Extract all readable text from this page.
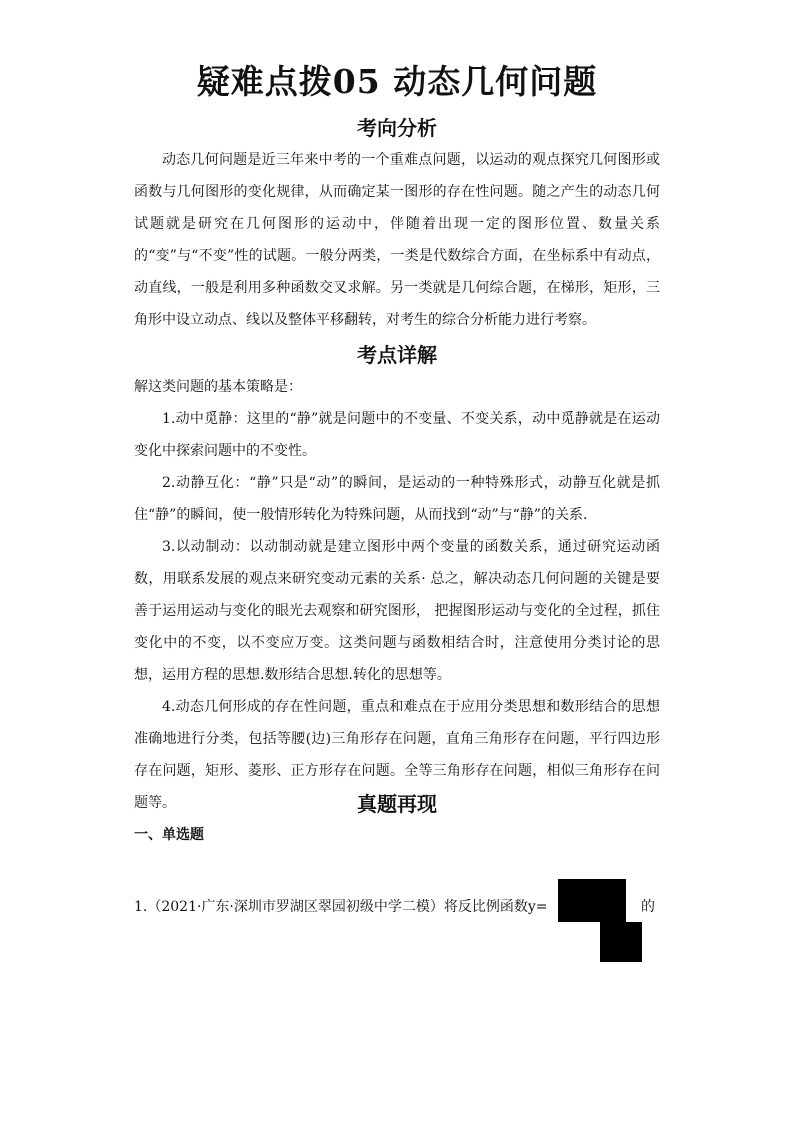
疑难点拨05 动态几何问题
考向分析
动态几何问题是近三年来中考的一个重难点问题，以运动的观点探究几何图形或函数与几何图形的变化规律，从而确定某一图形的存在性问题。随之产生的动态几何试题就是研究在几何图形的运动中，伴随着出现一定的图形位置、数量关系的“变”与“不变”性的试题。一般分两类，一类是代数综合方面，在坐标系中有动点，动直线，一般是利用多种函数交叉求解。另一类就是几何综合题，在梯形，矩形，三角形中设立动点、线以及整体平移翻转，对考生的综合分析能力进行考察。
考点详解
解这类问题的基本策略是：
1.动中觅静：这里的“静”就是问题中的不变量、不变关系，动中觅静就是在运动变化中探索问题中的不变性。
2.动静互化：“静”只是“动”的瞬间，是运动的一种特殊形式，动静互化就是抓住“静”的瞬间，使一般情形转化为特殊问题，从而找到“动”与“静”的关系.
3.以动制动：以动制动就是建立图形中两个变量的函数关系，通过研究运动函数，用联系发展的观点来研究变动元素的关系· 总之，解决动态几何问题的关键是要善于运用运动与变化的眼光去观察和研究图形， 把握图形运动与变化的全过程，抓住变化中的不变，以不变应万变。这类问题与函数相结合时，注意使用分类讨论的思想，运用方程的思想.数形结合思想.转化的思想等。
4.动态几何形成的存在性问题，重点和难点在于应用分类思想和数形结合的思想准确地进行分类，包括等腰(边)三角形存在问题，直角三角形存在问题，平行四边形存在问题，矩形、菱形、正方形存在问题。全等三角形存在问题，相似三角形存在问题等。	真题再现
一、单选题
1.（2021·广东·深圳市罗湖区翠园初级中学二模）将反比例函数y=	的
